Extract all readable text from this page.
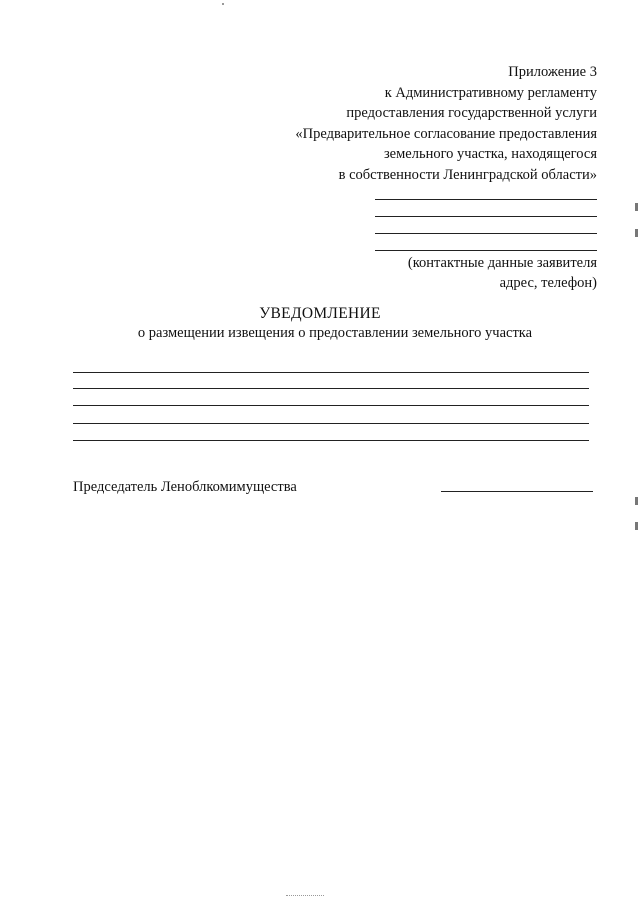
Приложение 3
к Административному регламенту
предоставления государственной услуги
«Предварительное согласование предоставления
земельного участка, находящегося
в собственности Ленинградской области»
(контактные данные заявителя
адрес, телефон)
УВЕДОМЛЕНИЕ
о размещении извещения о предоставлении земельного участка
Председатель Леноблкомимущества
